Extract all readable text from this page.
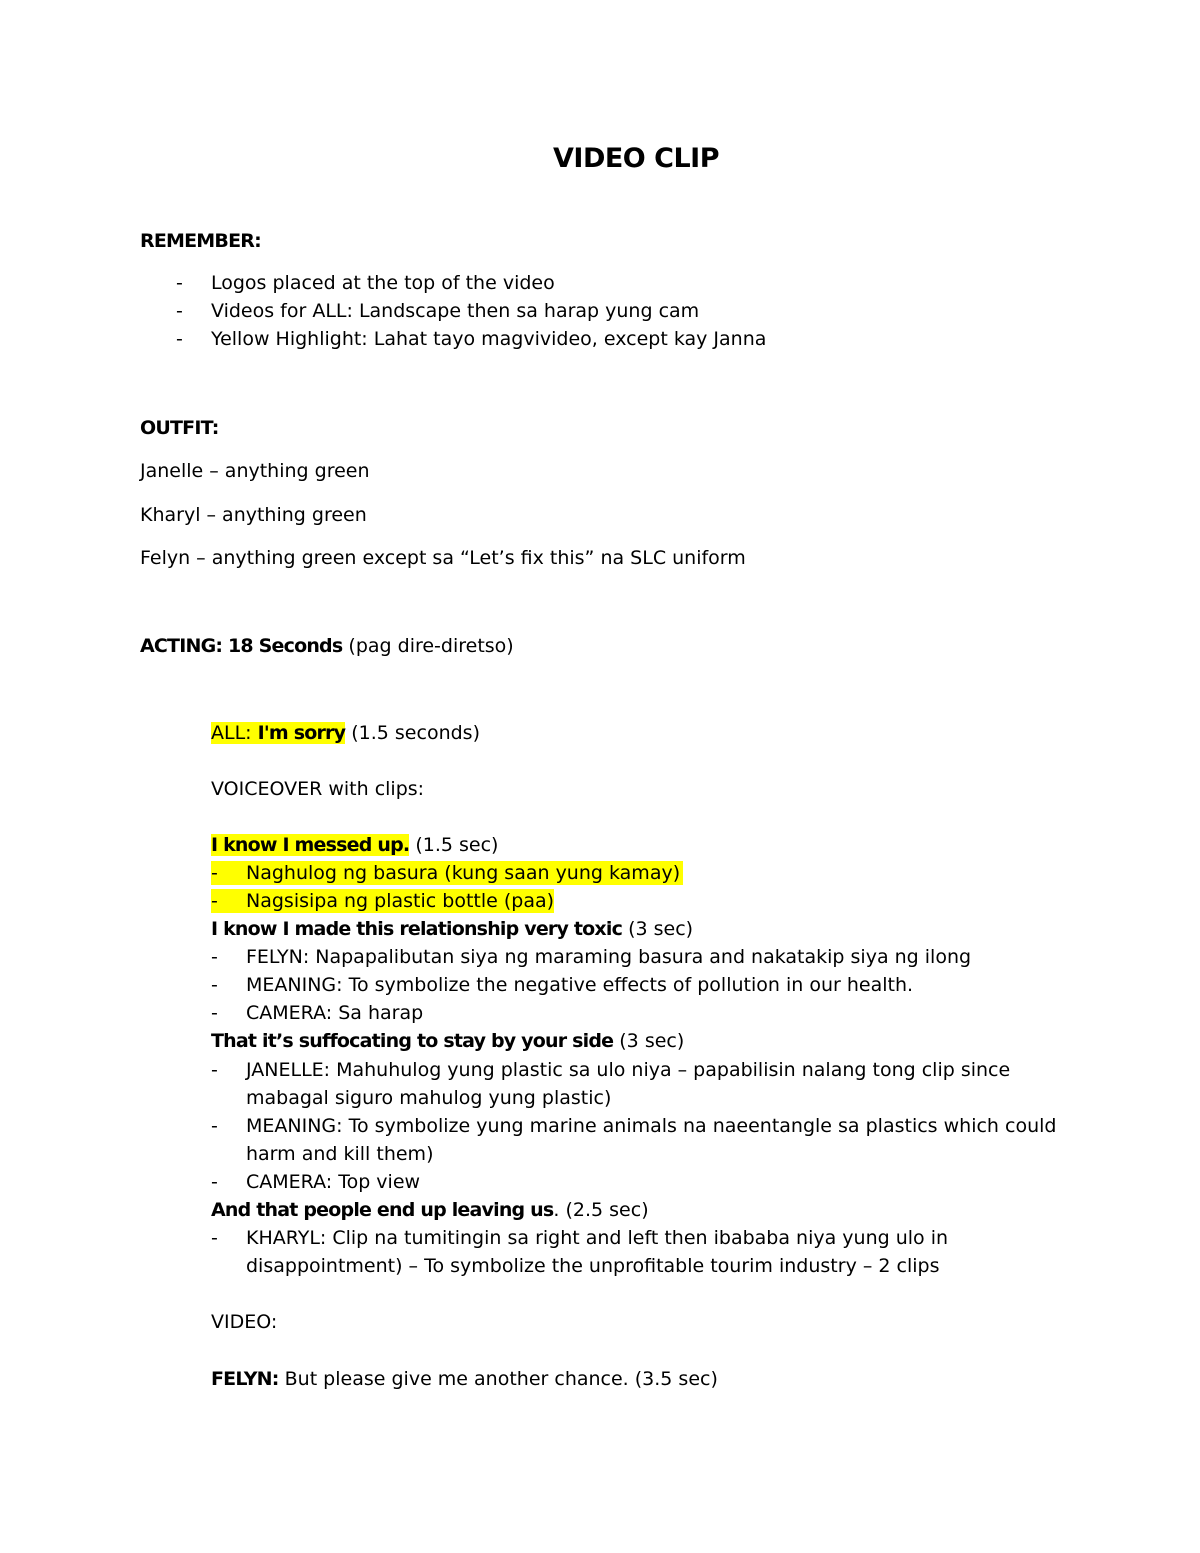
VIDEO CLIP
REMEMBER:
- Logos placed at the top of the video
- Videos for ALL: Landscape then sa harap yung cam
- Yellow Highlight: Lahat tayo magvivideo, except kay Janna
OUTFIT:
Janelle – anything green
Kharyl – anything green
Felyn – anything green except sa “Let’s fix this” na SLC uniform
ACTING: 18 Seconds (pag dire-diretso)
ALL: I'm sorry (1.5 seconds)
VOICEOVER with clips:
I know I messed up. (1.5 sec)
- Naghulog ng basura (kung saan yung kamay)
- Nagsisipa ng plastic bottle (paa)
I know I made this relationship very toxic (3 sec)
- FELYN: Napapalibutan siya ng maraming basura and nakatakip siya ng ilong
- MEANING: To symbolize the negative effects of pollution in our health.
- CAMERA: Sa harap
That it’s suffocating to stay by your side (3 sec)
- JANELLE: Mahuhulog yung plastic sa ulo niya – papabilisin nalang tong clip since
mabagal siguro mahulog yung plastic)
- MEANING: To symbolize yung marine animals na naeentangle sa plastics which could
harm and kill them)
- CAMERA: Top view
And that people end up leaving us. (2.5 sec)
- KHARYL: Clip na tumitingin sa right and left then ibababa niya yung ulo in
disappointment) – To symbolize the unprofitable tourim industry – 2 clips
VIDEO:
FELYN: But please give me another chance. (3.5 sec)
